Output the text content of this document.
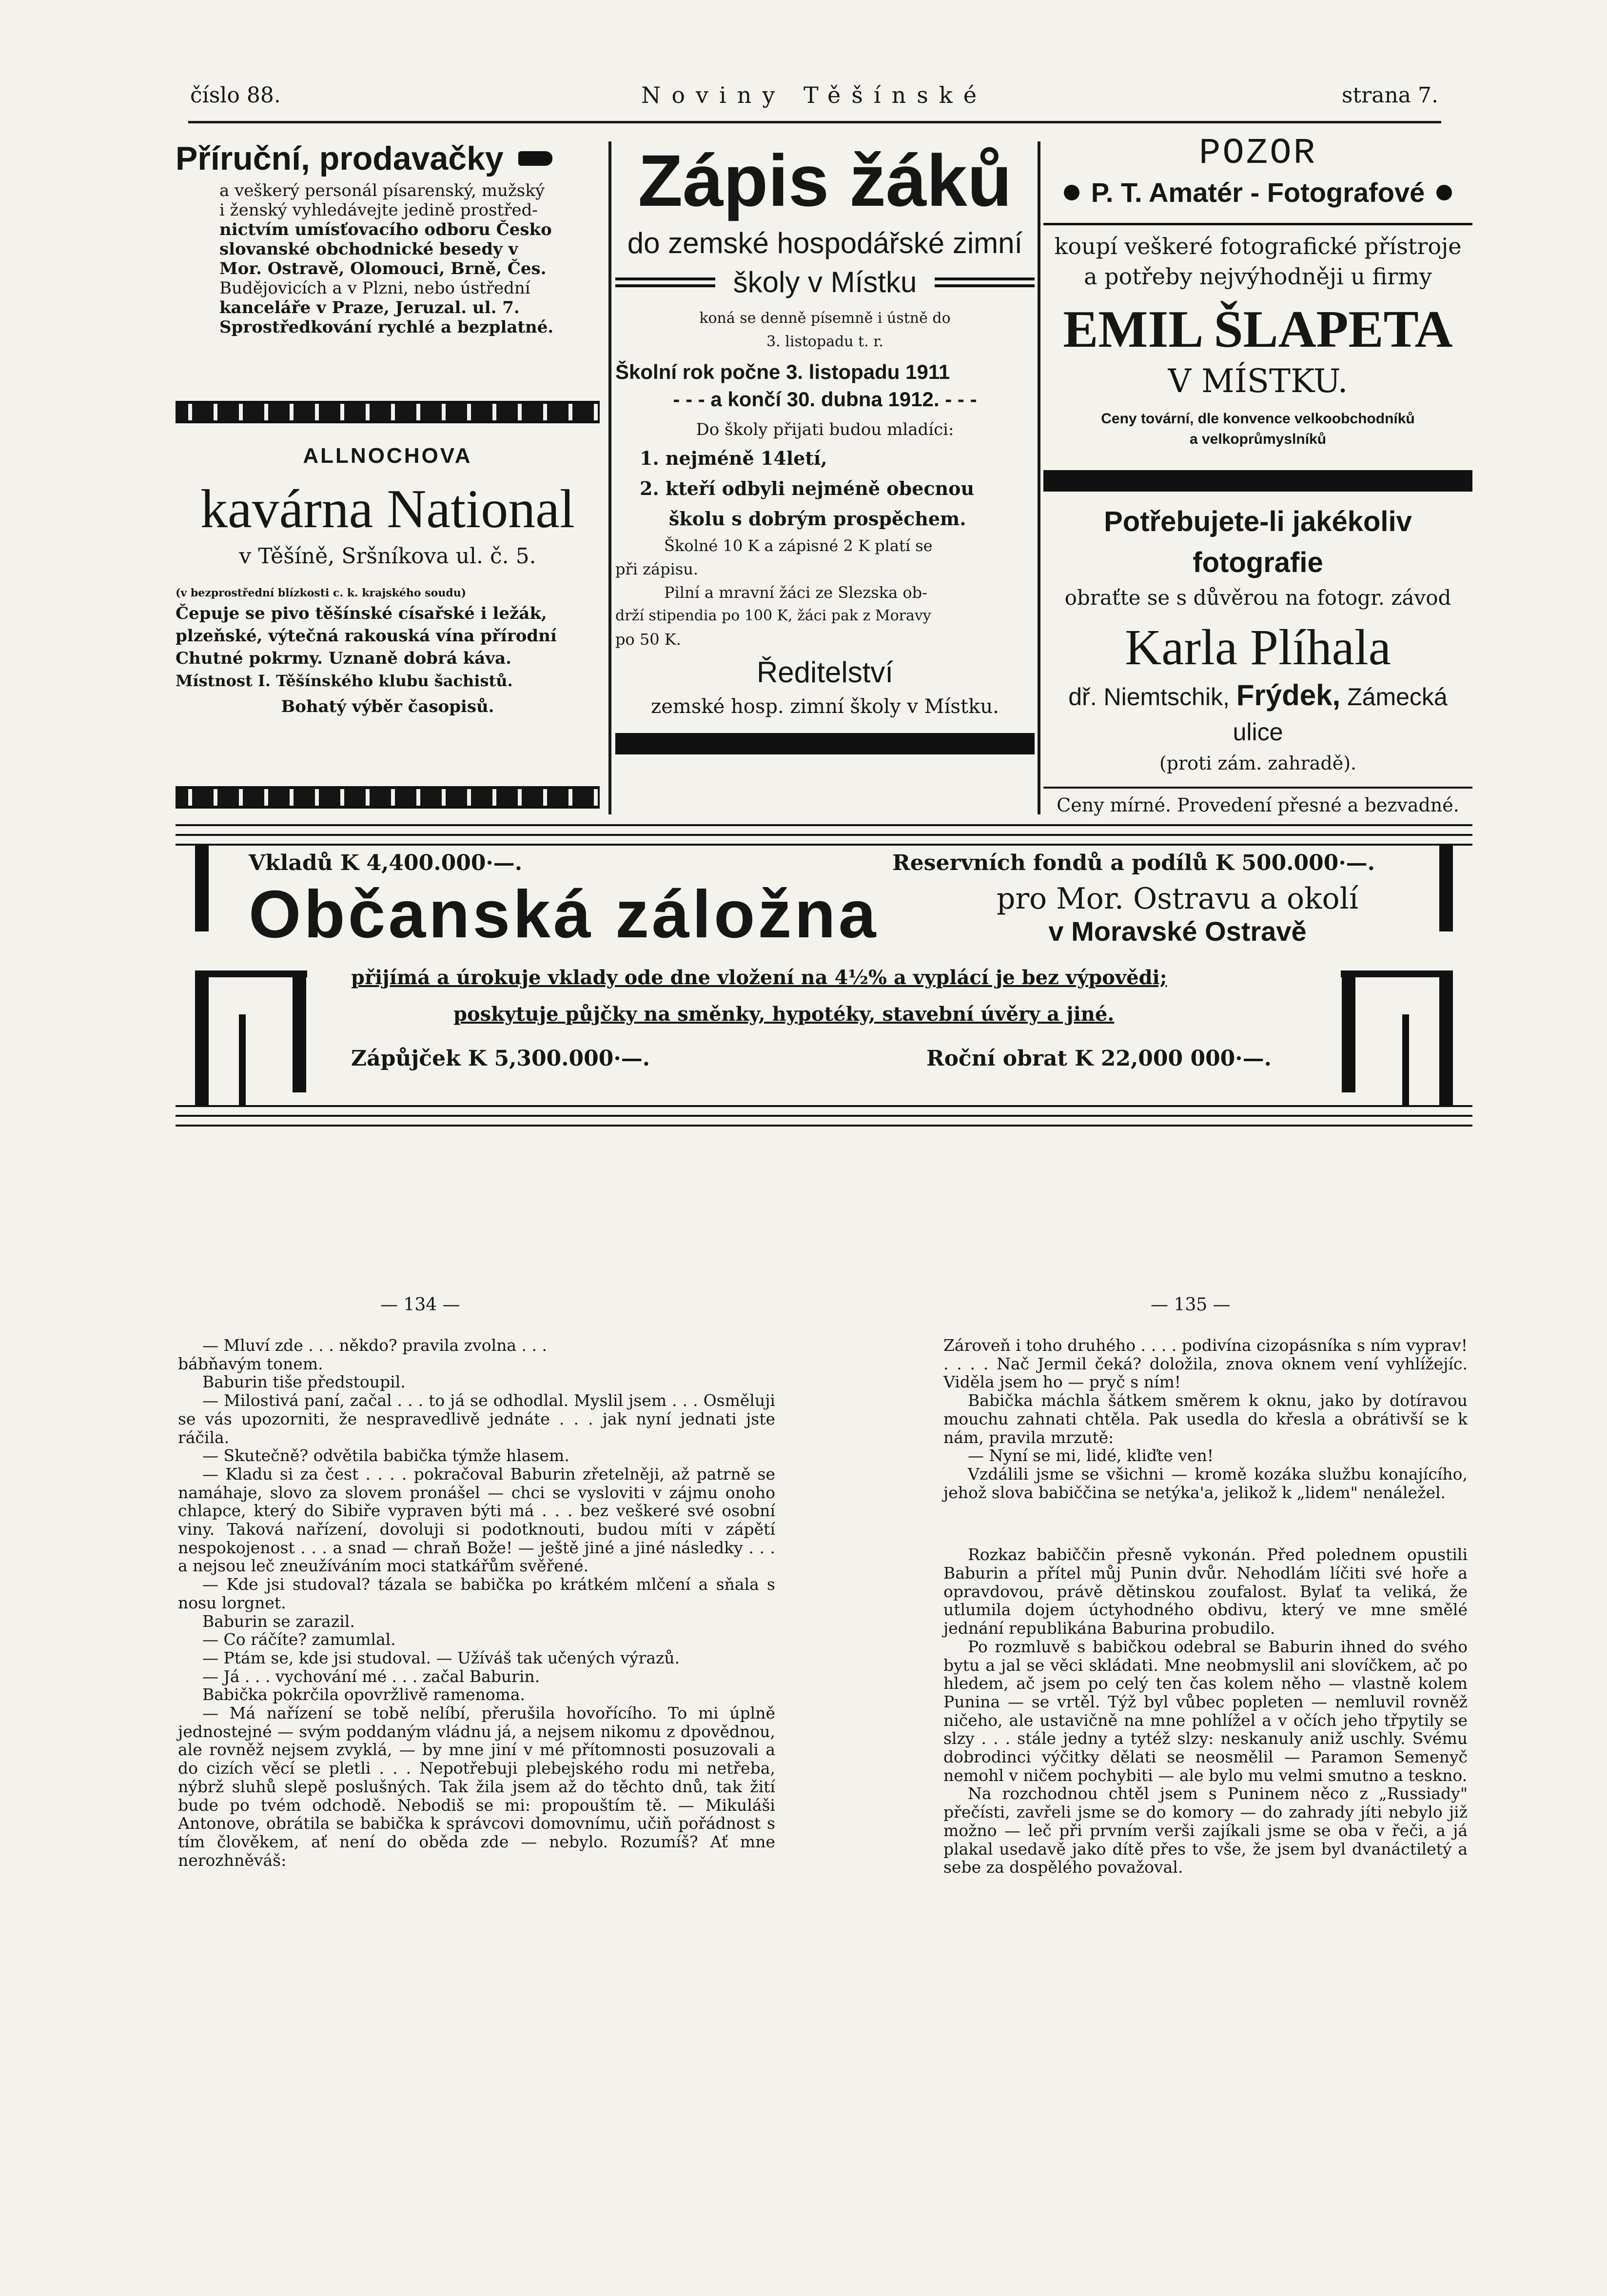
číslo 88.	Noviny Těšínské	strana 7.
Příruční, prodavačky

a veškerý personál písarenský, mužský

i ženský vyhledávejte jedině prostřed-

nictvím umísťovacího odboru Česko

slovanské obchodnické besedy v

Mor. Ostravě, Olomouci, Brně, Čes.

Budějovicích a v Plzni, nebo ústřední

kanceláře v Praze, Jeruzal. ul. 7.

Sprostředkování rychlé a bezplatné.

ALLNOCHOVA
kavárna National
v Těšíně, Sršníkova ul. č. 5.
(v bezprostřední blízkosti c. k. krajského soudu)
Čepuje se pivo těšínské císařské i ležák,
plzeňské, výtečná rakouská vína přírodní
Chutné pokrmy. Uznaně dobrá káva.
Místnost I. Těšínského klubu šachistů.
Bohatý výběr časopisů.
Zápis žáků
do zemské hospodářské zimní
školy v Místku
koná se denně písemně i ústně do
3. listopadu t. r.
Školní rok počne 3. listopadu 1911
- - - a končí 30. dubna 1912. - - -
Do školy přijati budou mladíci:
1. nejméně 14letí,
2. kteří odbyli nejméně obecnou
školu s dobrým prospěchem.
Školné 10 K a zápisné 2 K platí se
při zápisu.
Pilní a mravní žáci ze Slezska ob-
drží stipendia po 100 K, žáci pak z Moravy
po 50 K.
Ředitelství
zemské hosp. zimní školy v Místku.
POZOR
P. T. Amatér - Fotografové
koupí veškeré fotografické přístroje
a potřeby nejvýhodněji u firmy
EMIL ŠLAPETA
V MÍSTKU.
Ceny tovární, dle konvence velkoobchodníků
a velkoprůmyslníků
Potřebujete-li jakékoliv fotografie
obraťte se s důvěrou na fotogr. závod
Karla Plíhala
dř. Niemtschik, Frýdek, Zámecká ulice
(proti zám. zahradě).
Ceny mírné. Provedení přesné a bezvadné.
Vkladů K 4,400.000·—.	Reservních fondů a podílů K 500.000·—.
Občanská záložna	pro Mor. Ostravu a okolí
v Moravské Ostravě
přijímá a úrokuje vklady ode dne vložení na 4½% a vyplácí je bez výpovědi;
poskytuje půjčky na směnky, hypotéky, stavební úvěry a jiné.
Zápůjček K 5,300.000·—.	Roční obrat K 22,000 000·—.
— 134 —	— 135 —

— Mluví zde . . . někdo? pravila zvolna . . .

bábňavým tonem.

Baburin tiše předstoupil.

— Milostivá paní, začal . . . to já se odhodlal. Myslil jsem . . . Osměluji se vás upozorniti, že nespravedlivě jednáte . . . jak nyní jednati jste ráčila.

— Skutečně? odvětila babička týmže hlasem.

— Kladu si za čest . . . . pokračoval Baburin zřetelněji, až patrně se namáhaje, slovo za slovem pronášel — chci se vysloviti v zájmu onoho chlapce, který do Sibiře vypraven býti má . . . bez veškeré své osobní viny. Taková nařízení, dovoluji si podotknouti, budou míti v zápětí nespokojenost . . . a snad — chraň Bože! — ještě jiné a jiné následky . . . a nejsou leč zneužíváním moci statkářům svěřené.

— Kde jsi studoval? tázala se babička po krátkém mlčení a sňala s nosu lorgnet.

Baburin se zarazil.

— Co ráčíte? zamumlal.

— Ptám se, kde jsi studoval. — Užíváš tak učených výrazů.

— Já . . . vychování mé . . . začal Baburin.

Babička pokrčila opovržlivě ramenoma.

— Má nařízení se tobě nelíbí, přerušila hovořícího. To mi úplně jednostejné — svým poddaným vládnu já, a nejsem nikomu z dpovědnou, ale rovněž nejsem zvyklá, — by mne jiní v mé přítomnosti posuzovali a do cizích věcí se pletli . . . Nepotřebuji plebejského rodu mi netřeba, nýbrž sluhů slepě poslušných. Tak žila jsem až do těchto dnů, tak žití bude po tvém odchodě. Nebodiš se mi: propouštím tě. — Mikuláši Antonove, obrátila se babička k správcovi domovnímu, učiň pořádnost s tím člověkem, ať není do oběda zde — nebylo. Rozumíš? Ať mne nerozhněváš:

Zároveň i toho druhého . . . . podivína cizopásníka s ním vyprav! . . . . Nač Jermil čeká? doložila, znova oknem vení vyhlížejíc. Viděla jsem ho — pryč s ním!

Babička máchla šátkem směrem k oknu, jako by dotíravou mouchu zahnati chtěla. Pak usedla do křesla a obrátivší se k nám, pravila mrzutě:

— Nyní se mi, lidé, kliďte ven!

Vzdálili jsme se všichni — kromě kozáka službu konajícího, jehož slova babiččina se netýka'a, jelikož k „lidem" nenáležel.

Rozkaz babiččin přesně vykonán. Před polednem opustili Baburin a přítel můj Punin dvůr. Nehodlám líčiti své hoře a opravdovou, právě dětinskou zoufalost. Bylať ta veliká, že utlumila dojem úctyhodného obdivu, který ve mne smělé jednání republikána Baburina probudilo.

Po rozmluvě s babičkou odebral se Baburin ihned do svého bytu a jal se věci skládati. Mne neobmyslil ani slovíčkem, ač po hledem, ač jsem po celý ten čas kolem něho — vlastně kolem Punina — se vrtěl. Týž byl vůbec popleten — nemluvil rovněž ničeho, ale ustavičně na mne pohlížel a v očích jeho třpytily se slzy . . . stále jedny a tytéž slzy: neskanuly aniž uschly. Svému dobrodinci výčitky dělati se neosmělil — Paramon Semenyč nemohl v ničem pochybiti — ale bylo mu velmi smutno a teskno.

Na rozchodnou chtěl jsem s Puninem něco z „Russiady" přečísti, zavřeli jsme se do komory — do zahrady jíti nebylo již možno — leč při prvním verši zajíkali jsme se oba v řeči, a já plakal usedavě jako dítě přes to vše, že jsem byl dvanáctiletý a sebe za dospělého považoval.
